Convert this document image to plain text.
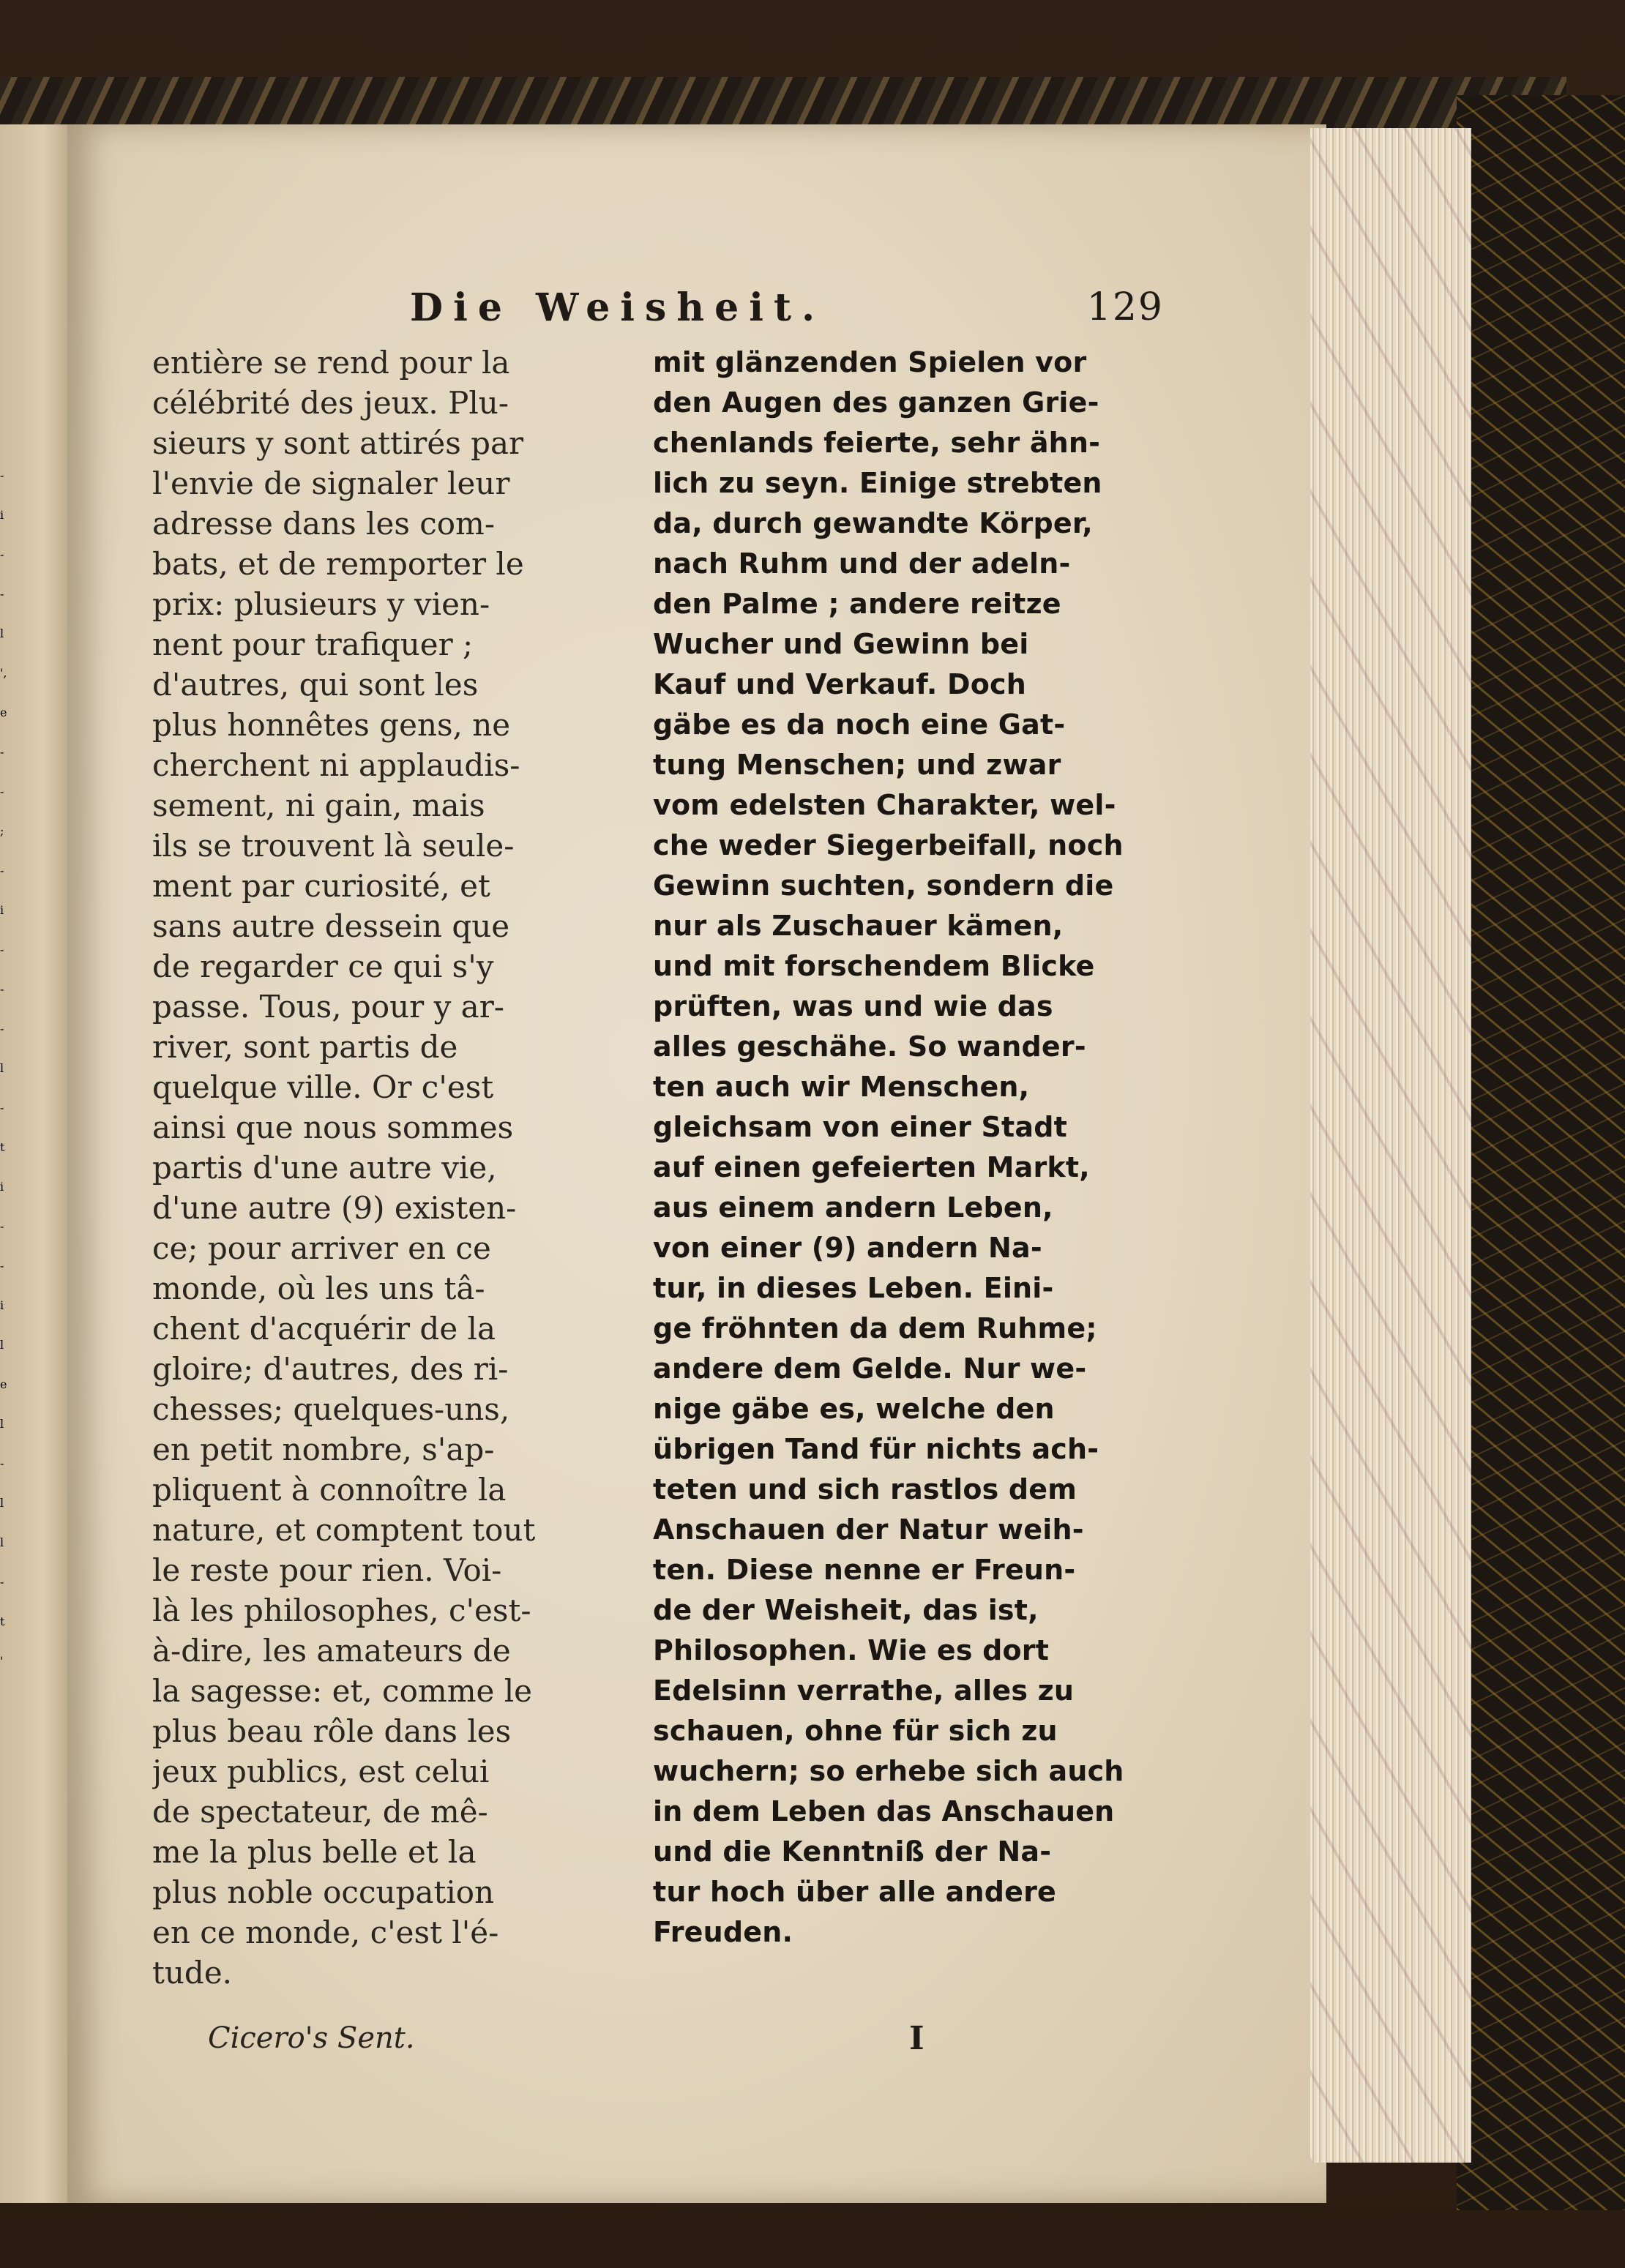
-
i
-
-
l
',
e
-
-
;
-
i
-
-
-
l
-
t
i
-
-
i
l
e
l
-
l
l
-
t
'
Die Weisheit.	129
entière se rend pour la
célébrité des jeux. Plu-
sieurs y sont attirés par
l'envie de signaler leur
adresse dans les com-
bats, et de remporter le
prix: plusieurs y vien-
nent pour trafiquer ;
d'autres, qui sont les
plus honnêtes gens, ne
cherchent ni applaudis-
sement, ni gain, mais
ils se trouvent là seule-
ment par curiosité, et
sans autre dessein que
de regarder ce qui s'y
passe. Tous, pour y ar-
river, sont partis de
quelque ville. Or c'est
ainsi que nous sommes
partis d'une autre vie,
d'une autre (9) existen-
ce; pour arriver en ce
monde, où les uns tâ-
chent d'acquérir de la
gloire; d'autres, des ri-
chesses; quelques-uns,
en petit nombre, s'ap-
pliquent à connoître la
nature, et comptent tout
le reste pour rien. Voi-
là les philosophes, c'est-
à-dire, les amateurs de
la sagesse: et, comme le
plus beau rôle dans les
jeux publics, est celui
de spectateur, de mê-
me la plus belle et la
plus noble occupation
en ce monde, c'est l'é-
tude.
mit glänzenden Spielen vor
den Augen des ganzen Grie-
chenlands feierte, sehr ähn-
lich zu seyn. Einige strebten
da, durch gewandte Körper,
nach Ruhm und der adeln-
den Palme ; andere reitze
Wucher und Gewinn bei
Kauf und Verkauf. Doch
gäbe es da noch eine Gat-
tung Menschen; und zwar
vom edelsten Charakter, wel-
che weder Siegerbeifall, noch
Gewinn suchten, sondern die
nur als Zuschauer kämen,
und mit forschendem Blicke
prüften, was und wie das
alles geschähe. So wander-
ten auch wir Menschen,
gleichsam von einer Stadt
auf einen gefeierten Markt,
aus einem andern Leben,
von einer (9) andern Na-
tur, in dieses Leben. Eini-
ge fröhnten da dem Ruhme;
andere dem Gelde. Nur we-
nige gäbe es, welche den
übrigen Tand für nichts ach-
teten und sich rastlos dem
Anschauen der Natur weih-
ten. Diese nenne er Freun-
de der Weisheit, das ist,
Philosophen. Wie es dort
Edelsinn verrathe, alles zu
schauen, ohne für sich zu
wuchern; so erhebe sich auch
in dem Leben das Anschauen
und die Kenntniß der Na-
tur hoch über alle andere
Freuden.
Cicero's Sent.	I
